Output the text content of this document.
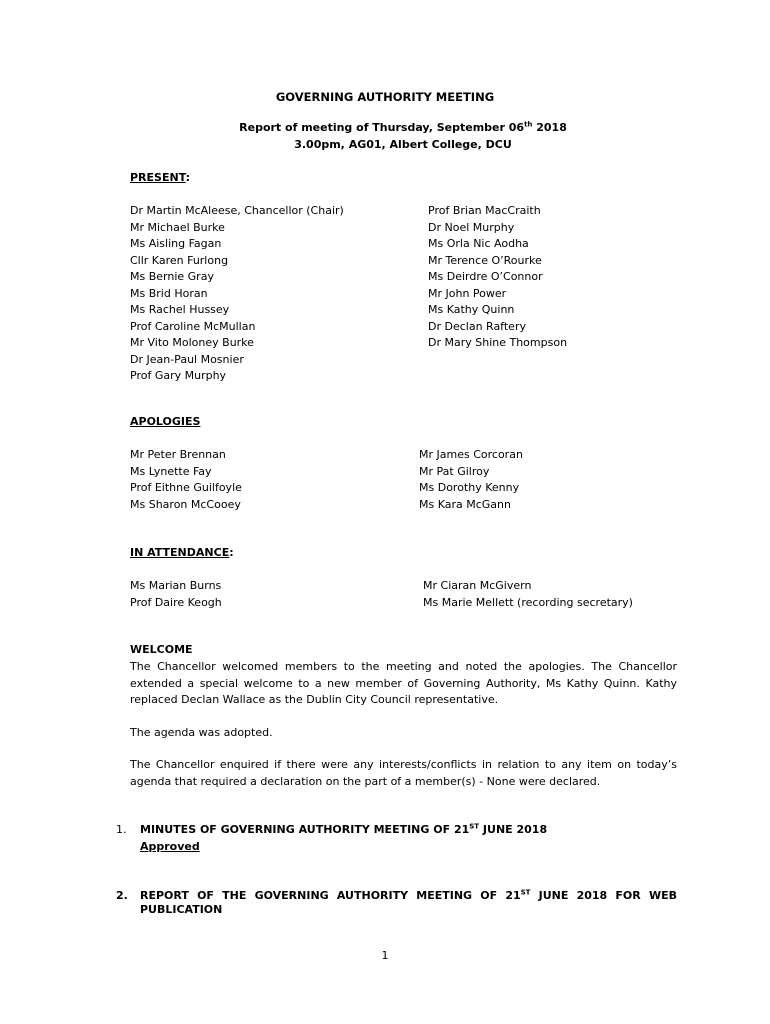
GOVERNING AUTHORITY MEETING
Report of meeting of Thursday, September 06th 2018
3.00pm, AG01, Albert College, DCU
PRESENT:
Dr Martin McAleese, Chancellor (Chair)
Mr Michael Burke
Ms Aisling Fagan
Cllr Karen Furlong
Ms Bernie Gray
Ms Brid Horan
Ms Rachel Hussey
Prof Caroline McMullan
Mr Vito Moloney Burke
Dr Jean-Paul Mosnier
Prof Gary Murphy
Prof Brian MacCraith
Dr Noel Murphy
Ms Orla Nic Aodha
Mr Terence O’Rourke
Ms Deirdre O’Connor
Mr John Power
Ms Kathy Quinn
Dr Declan Raftery
Dr Mary Shine Thompson
APOLOGIES
Mr Peter Brennan
Ms Lynette Fay
Prof Eithne Guilfoyle
Ms Sharon McCooey
Mr James Corcoran
Mr Pat Gilroy
Ms Dorothy Kenny
Ms Kara McGann
IN ATTENDANCE:
Ms Marian Burns
Prof Daire Keogh
Mr Ciaran McGivern
Ms Marie Mellett (recording secretary)
WELCOME
The Chancellor welcomed members to the meeting and noted the apologies. The Chancellor extended a special welcome to a new member of Governing Authority, Ms Kathy Quinn. Kathy replaced Declan Wallace as the Dublin City Council representative.
The agenda was adopted.
The Chancellor enquired if there were any interests/conflicts in relation to any item on today’s agenda that required a declaration on the part of a member(s) - None were declared.
1. MINUTES OF GOVERNING AUTHORITY MEETING OF 21ST JUNE 2018
Approved
2. REPORT OF THE GOVERNING AUTHORITY MEETING OF 21ST JUNE 2018 FOR WEB
PUBLICATION
1
